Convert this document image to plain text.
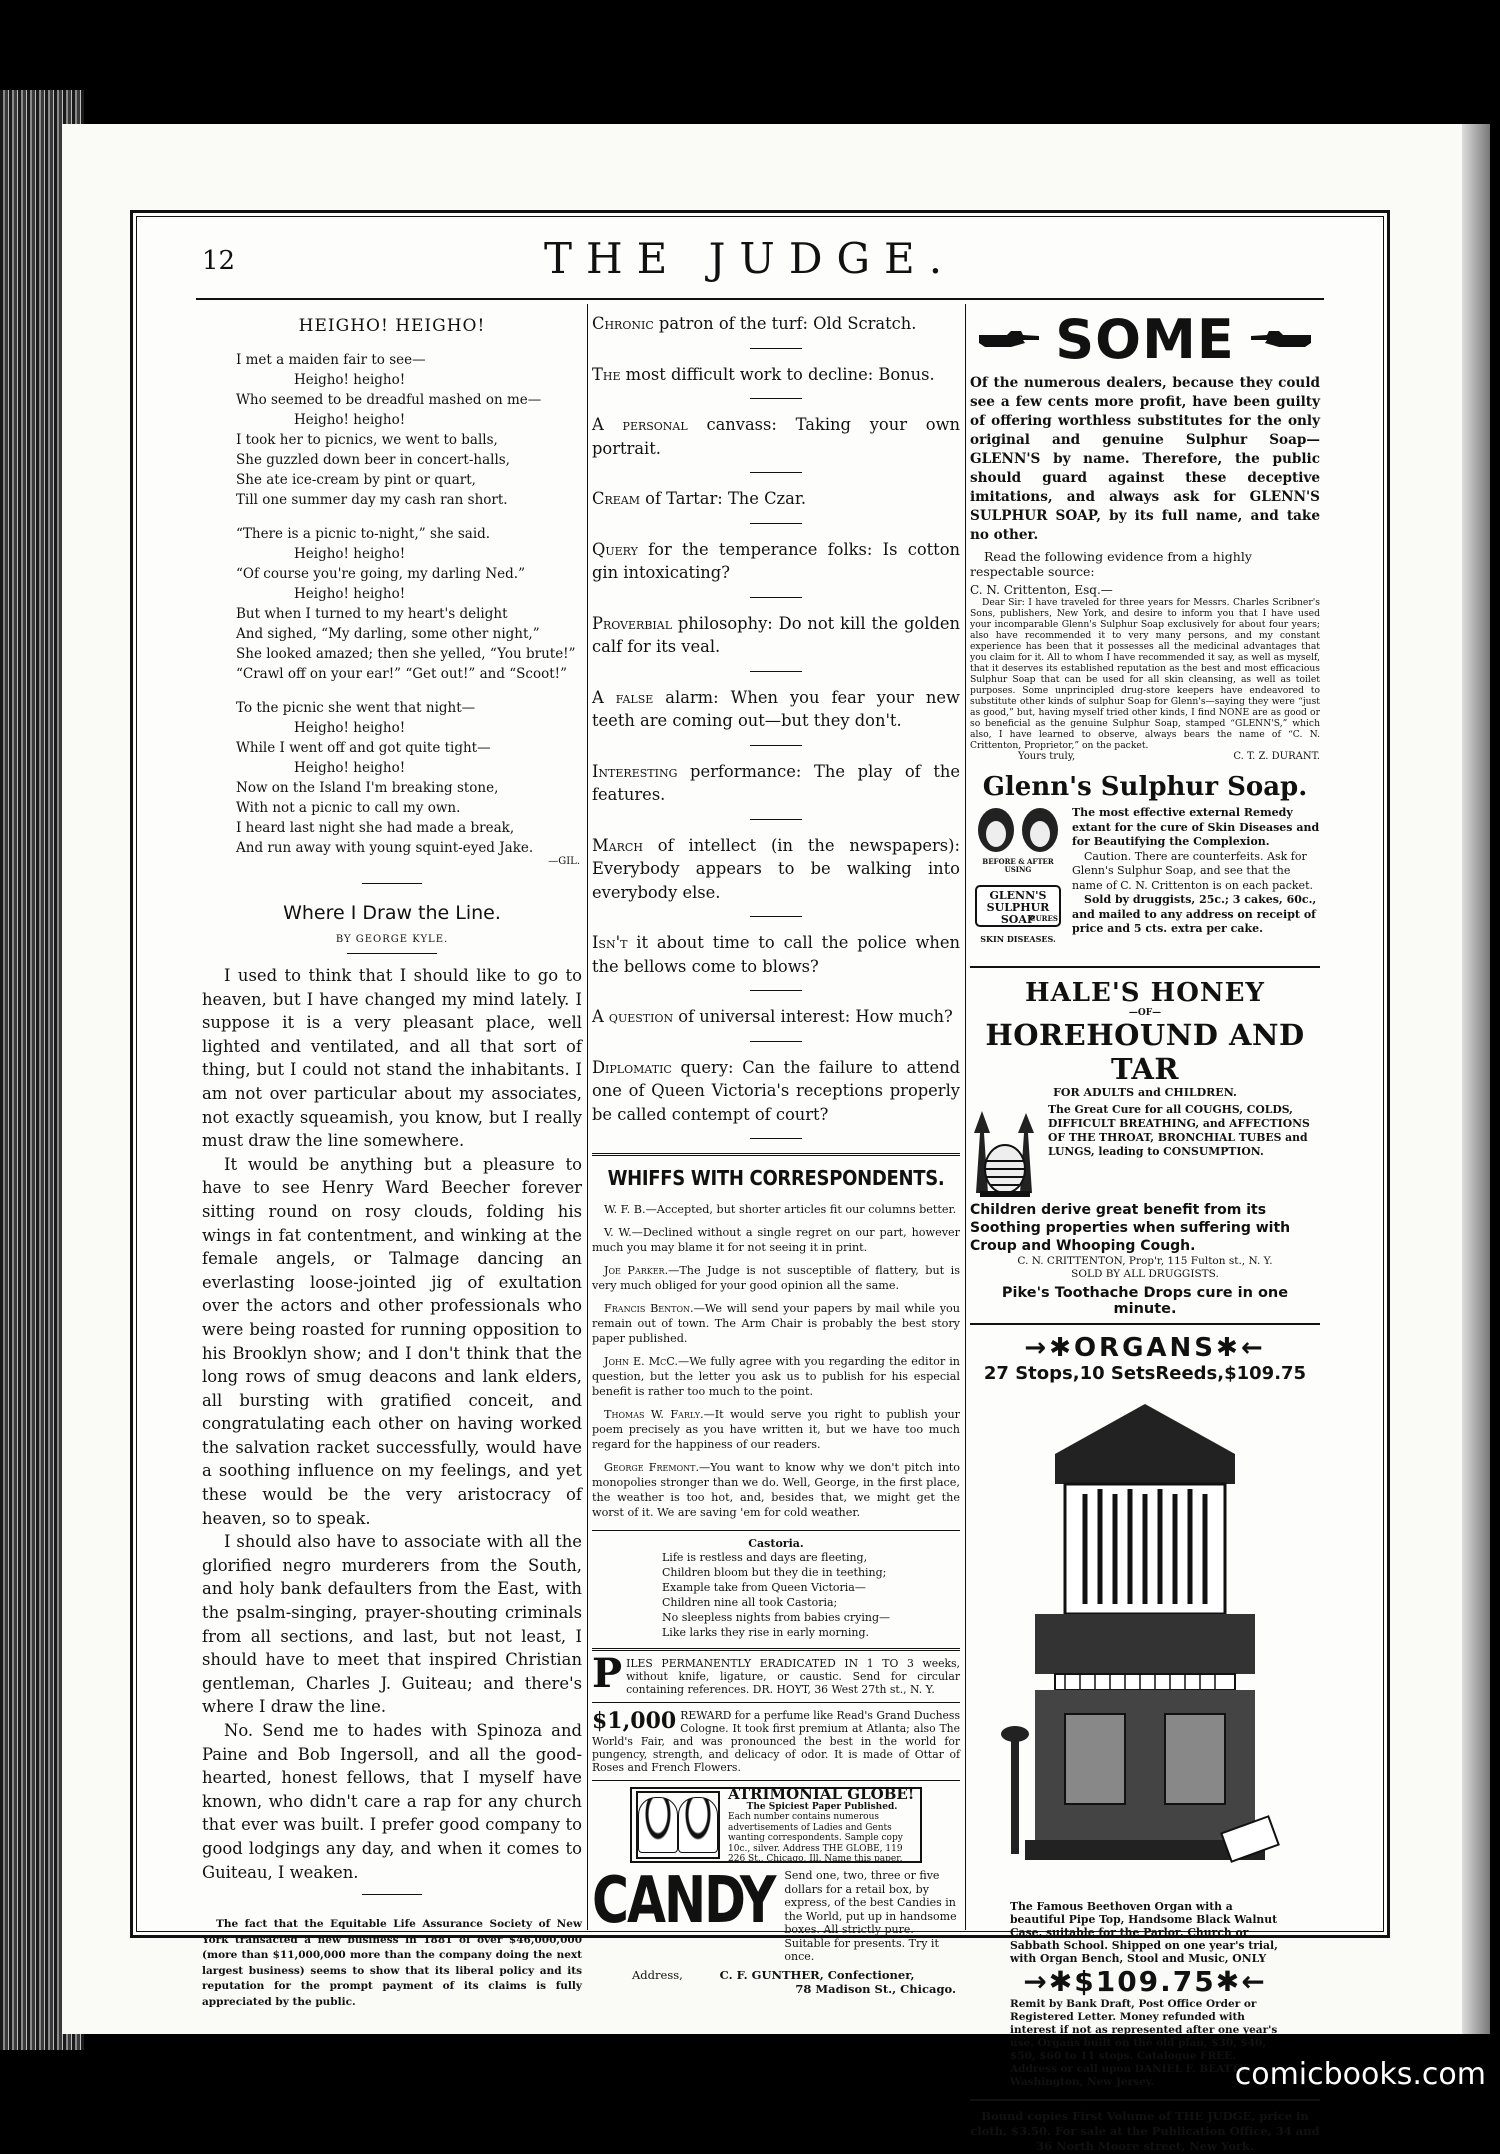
12	THE JUDGE.
HEIGHO! HEIGHO!
I met a maiden fair to see—
Heigho! heigho!
Who seemed to be dreadful mashed on me—
Heigho! heigho!
I took her to picnics, we went to balls,
She guzzled down beer in concert-halls,
She ate ice-cream by pint or quart,
Till one summer day my cash ran short.
“There is a picnic to-night,” she said.
Heigho! heigho!
“Of course you're going, my darling Ned.”
Heigho! heigho!
But when I turned to my heart's delight
And sighed, “My darling, some other night,”
She looked amazed; then she yelled, “You brute!”
“Crawl off on your ear!” “Get out!” and “Scoot!”
To the picnic she went that night—
Heigho! heigho!
While I went off and got quite tight—
Heigho! heigho!
Now on the Island I'm breaking stone,
With not a picnic to call my own.
I heard last night she had made a break,
And run away with young squint-eyed Jake.
—GIL.
Where I Draw the Line.
BY GEORGE KYLE.

I used to think that I should like to go to heaven, but I have changed my mind lately. I suppose it is a very pleasant place, well lighted and ventilated, and all that sort of thing, but I could not stand the inhabitants. I am not over particular about my associates, not exactly squeamish, you know, but I really must draw the line somewhere.

It would be anything but a pleasure to have to see Henry Ward Beecher forever sitting round on rosy clouds, folding his wings in fat contentment, and winking at the female angels, or Talmage dancing an everlasting loose-jointed jig of exultation over the actors and other professionals who were being roasted for running opposition to his Brooklyn show; and I don't think that the long rows of smug deacons and lank elders, all bursting with gratified conceit, and congratulating each other on having worked the salvation racket successfully, would have a soothing influence on my feelings, and yet these would be the very aristocracy of heaven, so to speak.

I should also have to associate with all the glorified negro murderers from the South, and holy bank defaulters from the East, with the psalm-singing, prayer-shouting criminals from all sections, and last, but not least, I should have to meet that inspired Christian gentleman, Charles J. Guiteau; and there's where I draw the line.

No. Send me to hades with Spinoza and Paine and Bob Ingersoll, and all the good-hearted, honest fellows, that I myself have known, who didn't care a rap for any church that ever was built. I prefer good company to good lodgings any day, and when it comes to Guiteau, I weaken.

The fact that the Equitable Life Assurance Society of New York transacted a new business in 1881 of over $46,000,000 (more than $11,000,000 more than the company doing the next largest business) seems to show that its liberal policy and its reputation for the prompt payment of its claims is fully appreciated by the public.
Chronic patron of the turf: Old Scratch.
The most difficult work to decline: Bonus.
A personal canvass: Taking your own portrait.
Cream of Tartar: The Czar.
Query for the temperance folks: Is cotton gin intoxicating?
Proverbial philosophy: Do not kill the golden calf for its veal.
A false alarm: When you fear your new teeth are coming out—but they don't.
Interesting performance: The play of the features.
March of intellect (in the newspapers): Everybody appears to be walking into everybody else.
Isn't it about time to call the police when the bellows come to blows?
A question of universal interest: How much?
Diplomatic query: Can the failure to attend one of Queen Victoria's receptions properly be called contempt of court?
WHIFFS WITH CORRESPONDENTS.
W. F. B.—Accepted, but shorter articles fit our columns better.
V. W.—Declined without a single regret on our part, however much you may blame it for not seeing it in print.
Joe Parker.—The Judge is not susceptible of flattery, but is very much obliged for your good opinion all the same.
Francis Benton.—We will send your papers by mail while you remain out of town. The Arm Chair is probably the best story paper published.
John E. McC.—We fully agree with you regarding the editor in question, but the letter you ask us to publish for his especial benefit is rather too much to the point.
Thomas W. Farly.—It would serve you right to publish your poem precisely as you have written it, but we have too much regard for the happiness of our readers.
George Fremont.—You want to know why we don't pitch into monopolies stronger than we do. Well, George, in the first place, the weather is too hot, and, besides that, we might get the worst of it. We are saving 'em for cold weather.
Castoria.
Life is restless and days are fleeting,
Children bloom but they die in teething;
Example take from Queen Victoria—
Children nine all took Castoria;
No sleepless nights from babies crying—
Like larks they rise in early morning.
P ILES PERMANENTLY ERADICATED IN 1 TO 3 weeks, without knife, ligature, or caustic. Send for circular containing references. DR. HOYT, 36 West 27th st., N. Y.
$1,000 REWARD for a perfume like Read's Grand Duchess Cologne. It took first premium at Atlanta; also The World's Fair, and was pronounced the best in the world for pungency, strength, and delicacy of odor. It is made of Ottar of Roses and French Flowers.
ATRIMONIAL GLOBE!
The Spiciest Paper Published.
Each number contains numerous advertisements of Ladies and Gents wanting correspondents. Sample copy 10c., silver. Address THE GLOBE, 119 226 St., Chicago, Ill. Name this paper.
CANDY Send one, two, three or five dollars for a retail box, by express, of the best Candies in the World, put up in handsome boxes. All strictly pure. Suitable for presents. Try it once.
Address,	C. F. GUNTHER, Confectioner,
78 Madison St., Chicago.
SOME
Of the numerous dealers, because they could see a few cents more profit, have been guilty of offering worthless substitutes for the only original and genuine Sulphur Soap—GLENN'S by name. Therefore, the public should guard against these deceptive imitations, and always ask for GLENN'S SULPHUR SOAP, by its full name, and take no other.
Read the following evidence from a highly respectable source:
C. N. Crittenton, Esq.—
Dear Sir: I have traveled for three years for Messrs. Charles Scribner's Sons, publishers, New York, and desire to inform you that I have used your incomparable Glenn's Sulphur Soap exclusively for about four years; also have recommended it to very many persons, and my constant experience has been that it possesses all the medicinal advantages that you claim for it. All to whom I have recommended it say, as well as myself, that it deserves its established reputation as the best and most efficacious Sulphur Soap that can be used for all skin cleansing, as well as toilet purposes. Some unprincipled drug-store keepers have endeavored to substitute other kinds of sulphur Soap for Glenn's—saying they were “just as good,” but, having myself tried other kinds, I find NONE are as good or so beneficial as the genuine Sulphur Soap, stamped “GLENN'S,” which also, I have learned to observe, always bears the name of “C. N. Crittenton, Proprietor,” on the packet.
Yours truly,	C. T. Z. DURANT.
Glenn's Sulphur Soap.
BEFORE & AFTER USING
GLENN'S SULPHUR SOAP
CURES
SKIN DISEASES.
The most effective external Remedy extant for the cure of Skin Diseases and for Beautifying the Complexion.
Caution. There are counterfeits. Ask for Glenn's Sulphur Soap, and see that the name of C. N. Crittenton is on each packet.
Sold by druggists, 25c.; 3 cakes, 60c., and mailed to any address on receipt of price and 5 cts. extra per cake.
HALE'S HONEY
—OF—
HOREHOUND AND TAR
FOR ADULTS and CHILDREN.
The Great Cure for all COUGHS, COLDS, DIFFICULT BREATHING, and AFFECTIONS OF THE THROAT, BRONCHIAL TUBES and LUNGS, leading to CONSUMPTION.
Children derive great benefit from its Soothing properties when suffering with Croup and Whooping Cough.
C. N. CRITTENTON, Prop'r, 115 Fulton st., N. Y.
SOLD BY ALL DRUGGISTS.
Pike's Toothache Drops cure in one minute.
→✱ORGANS✱←
27 Stops,10 SetsReeds,$109.75
The Famous Beethoven Organ with a beautiful Pipe Top, Handsome Black Walnut Case, suitable for the Parlor, Church or Sabbath School. Shipped on one year's trial, with Organ Bench, Stool and Music, ONLY
→✱$109.75✱←
Remit by Bank Draft, Post Office Order or Registered Letter. Money refunded with interest if not as represented after one year's use. Organs built on the old plan, $30, $40, $50, $60 to 11 stops. Catalogue FREE. Address or call upon DANIEL F. BEATTY, Washington, New Jersey.
Bound copies First Volume of THE JUDGE, price in cloth, $3.50. For sale at the Publication Office, 34 and 36 North Moore street, New York.
comicbooks.com
